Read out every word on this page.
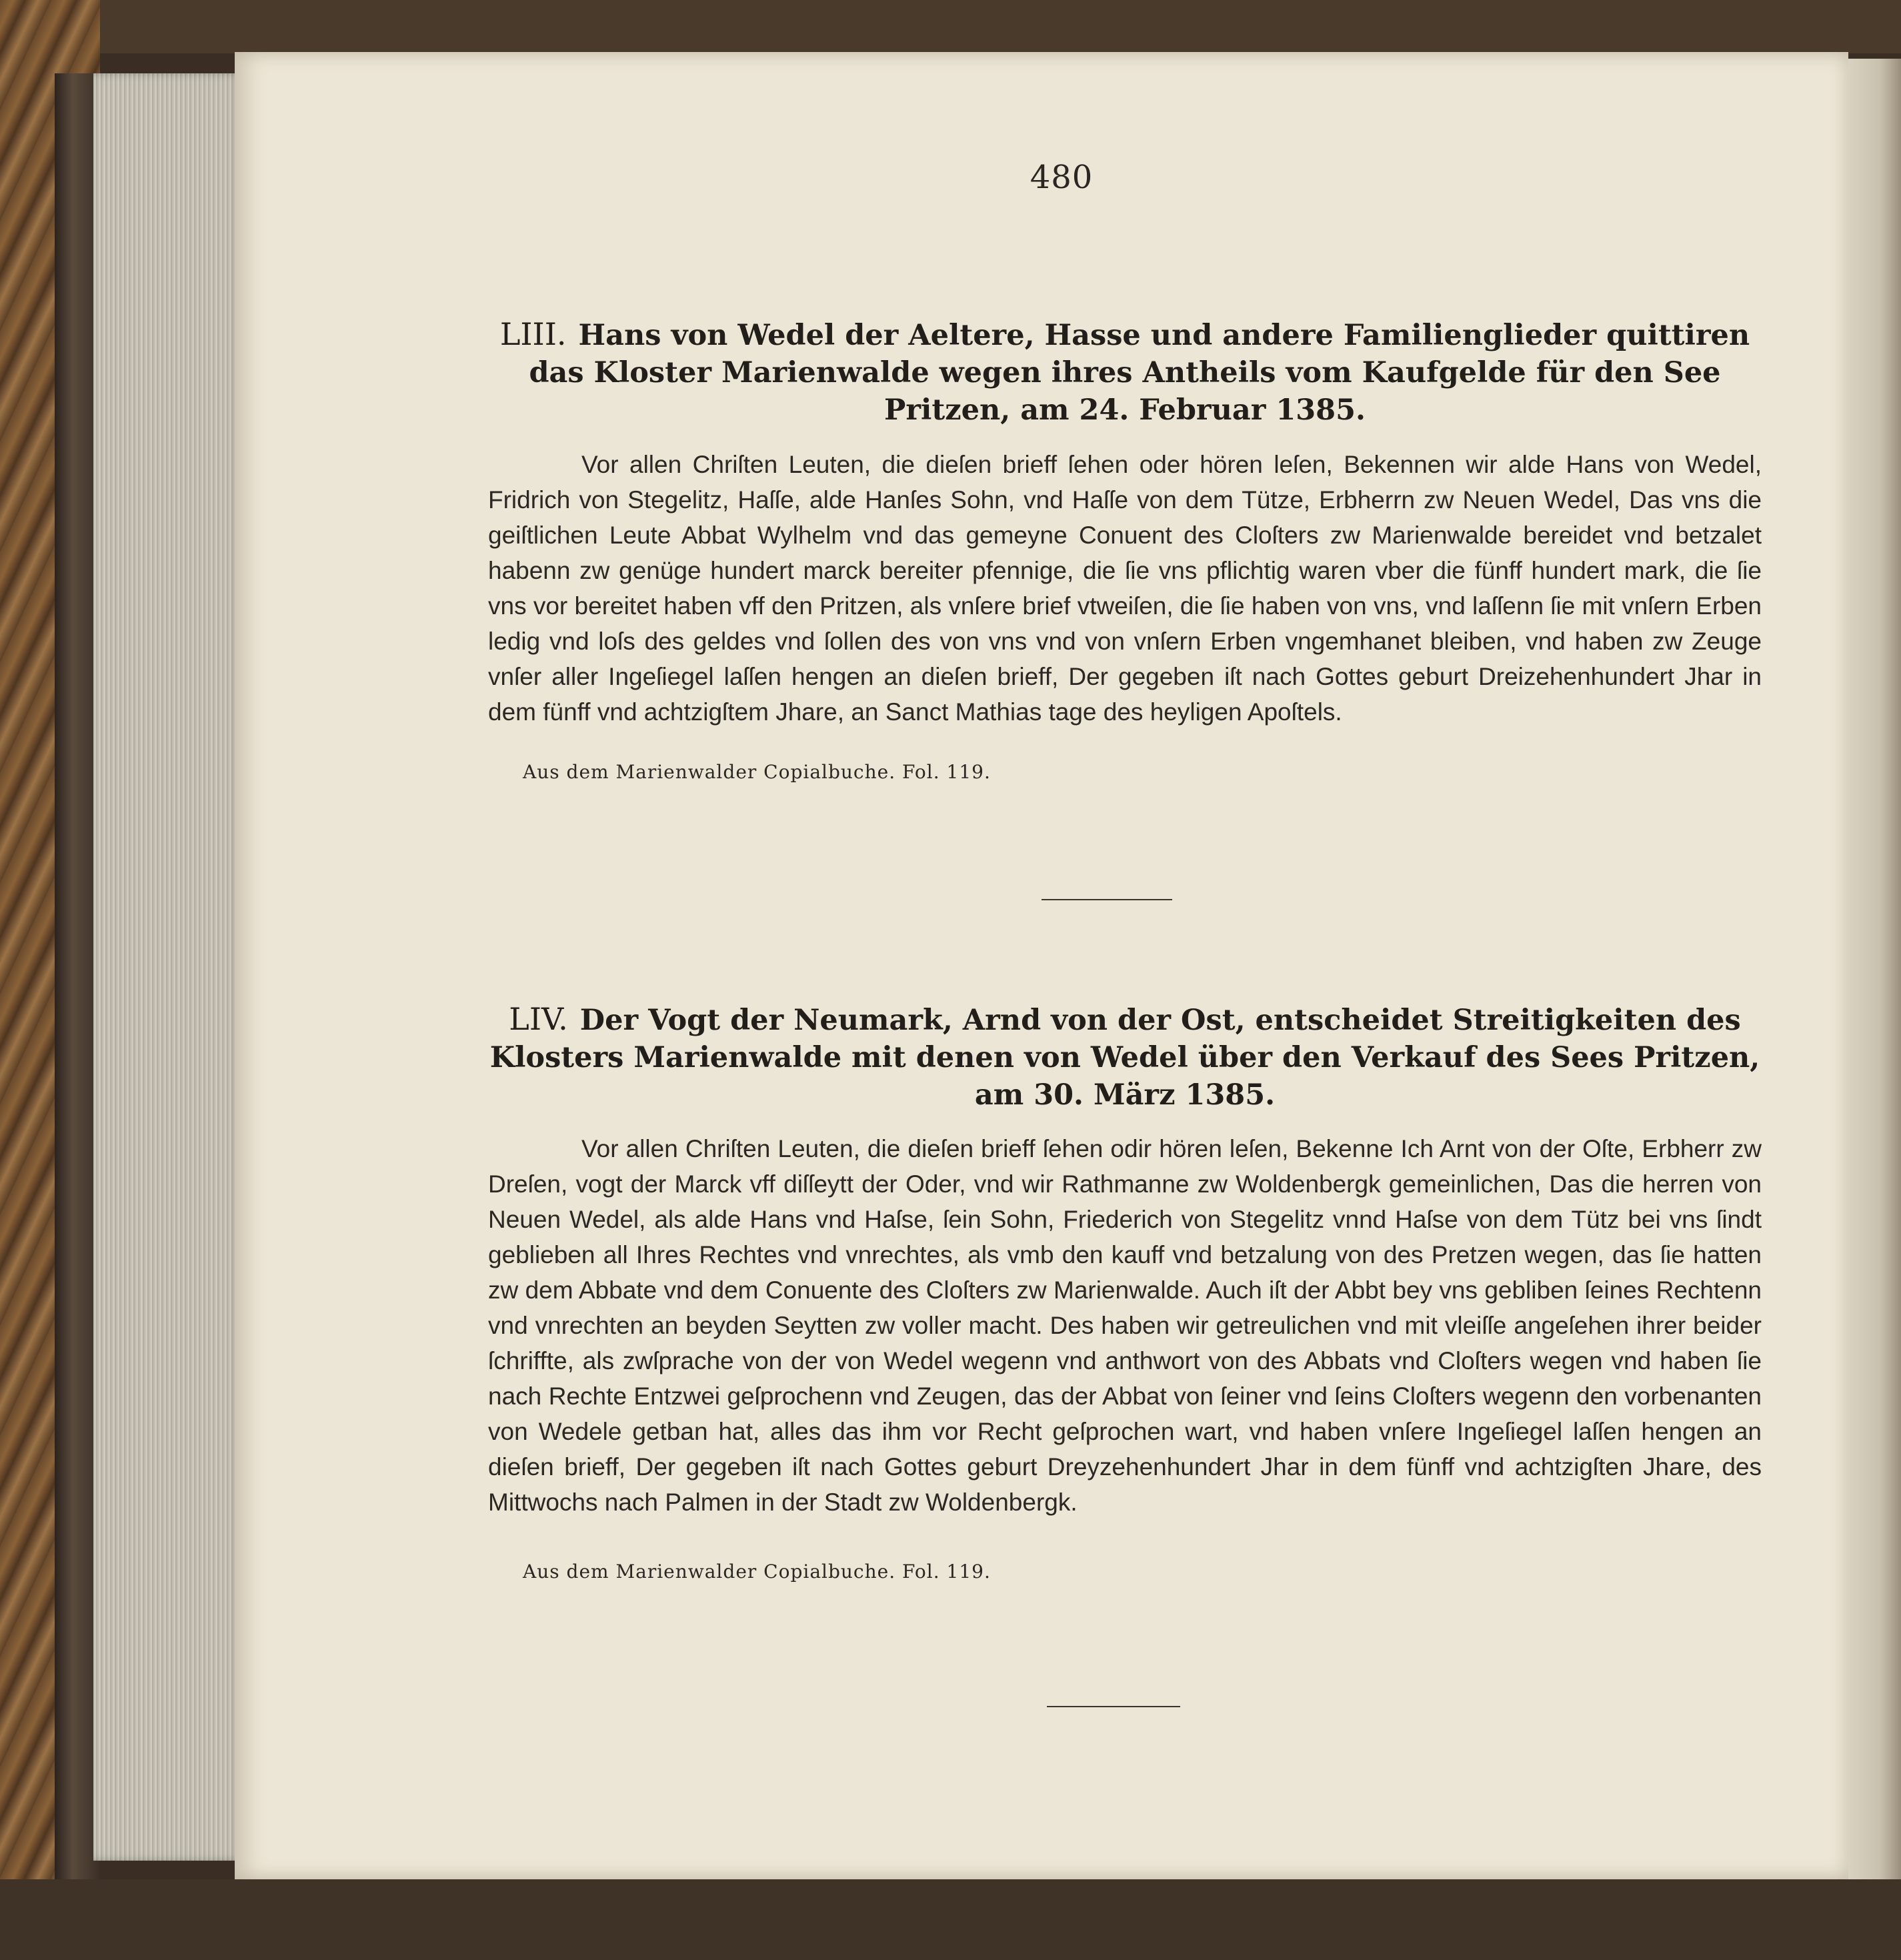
480
LIII. Hans von Wedel der Aeltere, Hasse und andere Familienglieder quittiren das Kloster Marienwalde wegen ihres Antheils vom Kaufgelde für den See Pritzen, am 24. Februar 1385.
Vor allen Chriſten Leuten, die dieſen brieff ſehen oder hören leſen, Bekennen wir alde Hans von Wedel, Fridrich von Stegelitz, Haſſe, alde Hanſes Sohn, vnd Haſſe von dem Tütze, Erbherrn zw Neuen Wedel, Das vns die geiſtlichen Leute Abbat Wylhelm vnd das gemeyne Conuent des Cloſters zw Marienwalde bereidet vnd betzalet habenn zw genüge hundert marck bereiter pfennige, die ſie vns pflichtig waren vber die fünff hundert mark, die ſie vns vor bereitet haben vff den Pritzen, als vnſere brief vtweiſen, die ſie haben von vns, vnd laſſenn ſie mit vnſern Erben ledig vnd loſs des geldes vnd ſollen des von vns vnd von vnſern Erben vngemhanet bleiben, vnd haben zw Zeuge vnſer aller Ingeſiegel laſſen hengen an dieſen brieff, Der gegeben iſt nach Gottes geburt Dreizehenhundert Jhar in dem fünff vnd achtzigſtem Jhare, an Sanct Mathias tage des heyligen Apoſtels.
Aus dem Marienwalder Copialbuche. Fol. 119.
LIV. Der Vogt der Neumark, Arnd von der Ost, entscheidet Streitigkeiten des Klosters Marienwalde mit denen von Wedel über den Verkauf des Sees Pritzen, am 30. März 1385.
Vor allen Chriſten Leuten, die dieſen brieff ſehen odir hören leſen, Bekenne Ich Arnt von der Oſte, Erbherr zw Dreſen, vogt der Marck vff diſſeytt der Oder, vnd wir Rathmanne zw Woldenbergk gemeinlichen, Das die herren von Neuen Wedel, als alde Hans vnd Haſse, ſein Sohn, Friederich von Stegelitz vnnd Haſse von dem Tütz bei vns ſindt geblieben all Ihres Rechtes vnd vnrechtes, als vmb den kauff vnd betzalung von des Pretzen wegen, das ſie hatten zw dem Abbate vnd dem Conuente des Cloſters zw Marienwalde. Auch iſt der Abbt bey vns gebliben ſeines Rechtenn vnd vnrechten an beyden Seytten zw voller macht. Des haben wir getreulichen vnd mit vleiſſe angeſehen ihrer beider ſchriffte, als zwſprache von der von Wedel wegenn vnd anthwort von des Abbats vnd Cloſters wegen vnd haben ſie nach Rechte Entzwei geſprochenn vnd Zeugen, das der Abbat von ſeiner vnd ſeins Cloſters wegenn den vorbenanten von Wedele getban hat, alles das ihm vor Recht geſprochen wart, vnd haben vnſere Ingeſiegel laſſen hengen an dieſen brieff, Der gegeben iſt nach Gottes geburt Dreyzehenhundert Jhar in dem fünff vnd achtzigſten Jhare, des Mittwochs nach Palmen in der Stadt zw Woldenbergk.
Aus dem Marienwalder Copialbuche. Fol. 119.
